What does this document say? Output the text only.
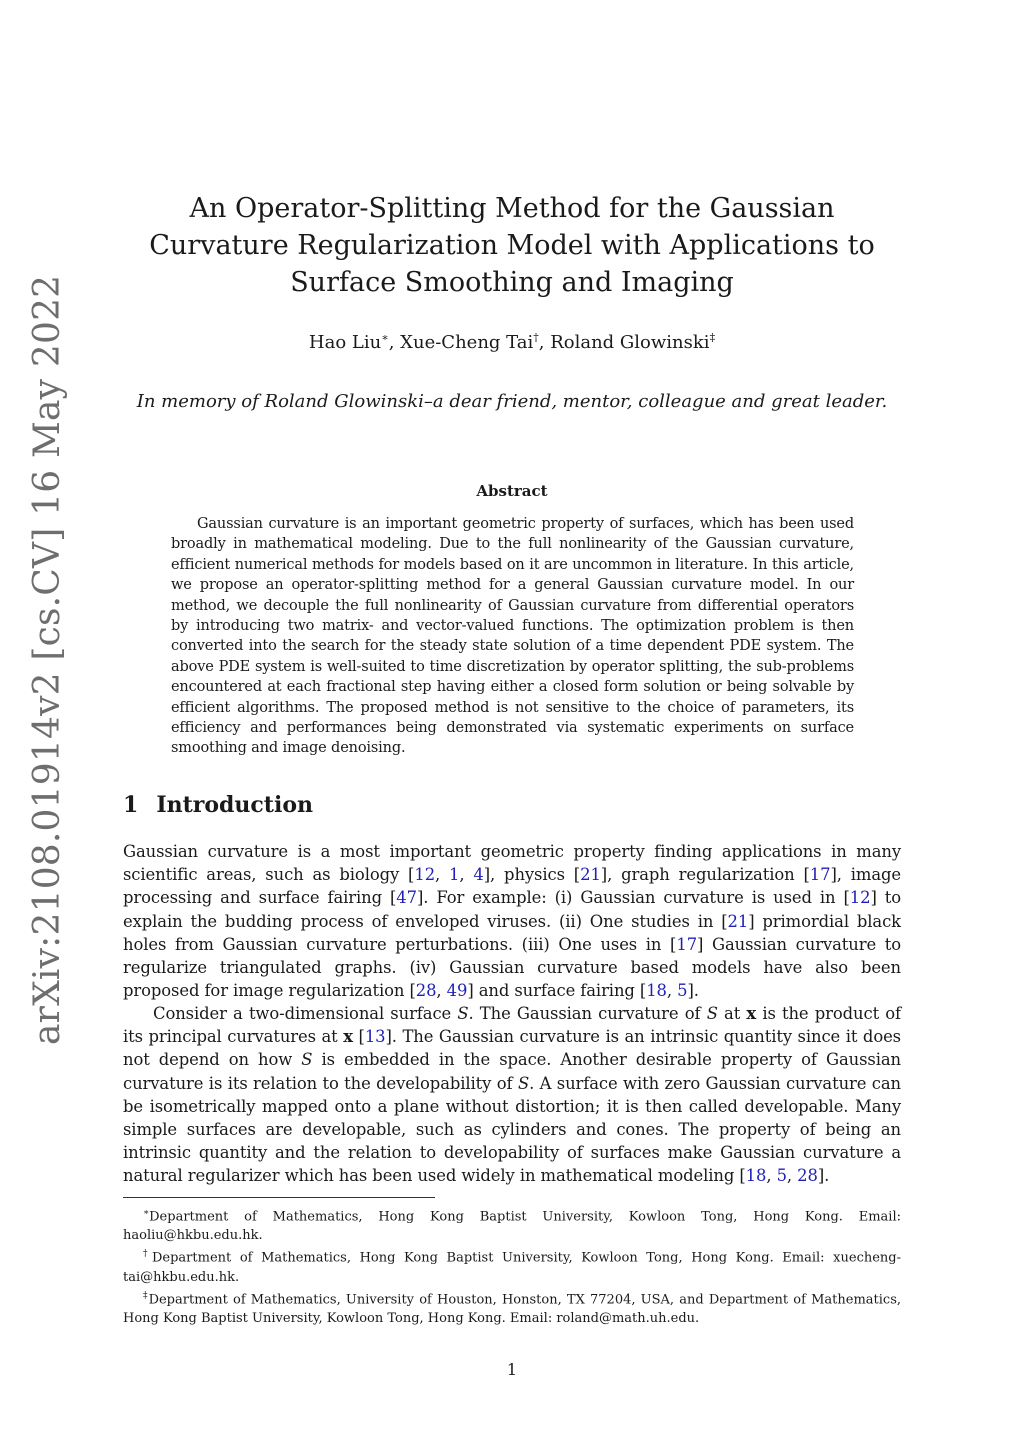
arXiv:2108.01914v2 [cs.CV] 16 May 2022
An Operator-Splitting Method for the Gaussian Curvature Regularization Model with Applications to Surface Smoothing and Imaging
Hao Liu∗, Xue-Cheng Tai†, Roland Glowinski‡
In memory of Roland Glowinski–a dear friend, mentor, colleague and great leader.
Abstract

Gaussian curvature is an important geometric property of surfaces, which has been used broadly in mathematical modeling. Due to the full nonlinearity of the Gaussian curvature, efficient numerical methods for models based on it are uncommon in literature. In this article, we propose an operator-splitting method for a general Gaussian curvature model. In our method, we decouple the full nonlinearity of Gaussian curvature from differential operators by introducing two matrix- and vector-valued functions. The optimization problem is then converted into the search for the steady state solution of a time dependent PDE system. The above PDE system is well-suited to time discretization by operator splitting, the sub-problems encountered at each fractional step having either a closed form solution or being solvable by efficient algorithms. The proposed method is not sensitive to the choice of parameters, its efficiency and performances being demonstrated via systematic experiments on surface smoothing and image denoising.

1 Introduction

Gaussian curvature is a most important geometric property finding applications in many scientific areas, such as biology [12, 1, 4], physics [21], graph regularization [17], image processing and surface fairing [47]. For example: (i) Gaussian curvature is used in [12] to explain the budding process of enveloped viruses. (ii) One studies in [21] primordial black holes from Gaussian curvature perturbations. (iii) One uses in [17] Gaussian curvature to regularize triangulated graphs. (iv) Gaussian curvature based models have also been proposed for image regularization [28, 49] and surface fairing [18, 5].

Consider a two-dimensional surface S. The Gaussian curvature of S at x is the product of its principal curvatures at x [13]. The Gaussian curvature is an intrinsic quantity since it does not depend on how S is embedded in the space. Another desirable property of Gaussian curvature is its relation to the developability of S. A surface with zero Gaussian curvature can be isometrically mapped onto a plane without distortion; it is then called developable. Many simple surfaces are developable, such as cylinders and cones. The property of being an intrinsic quantity and the relation to developability of surfaces make Gaussian curvature a natural regularizer which has been used widely in mathematical modeling [18, 5, 28].

∗Department of Mathematics, Hong Kong Baptist University, Kowloon Tong, Hong Kong. Email: haoliu@hkbu.edu.hk.

†Department of Mathematics, Hong Kong Baptist University, Kowloon Tong, Hong Kong. Email: xuecheng-tai@hkbu.edu.hk.

‡Department of Mathematics, University of Houston, Honston, TX 77204, USA, and Department of Mathematics, Hong Kong Baptist University, Kowloon Tong, Hong Kong. Email: roland@math.uh.edu.

1
